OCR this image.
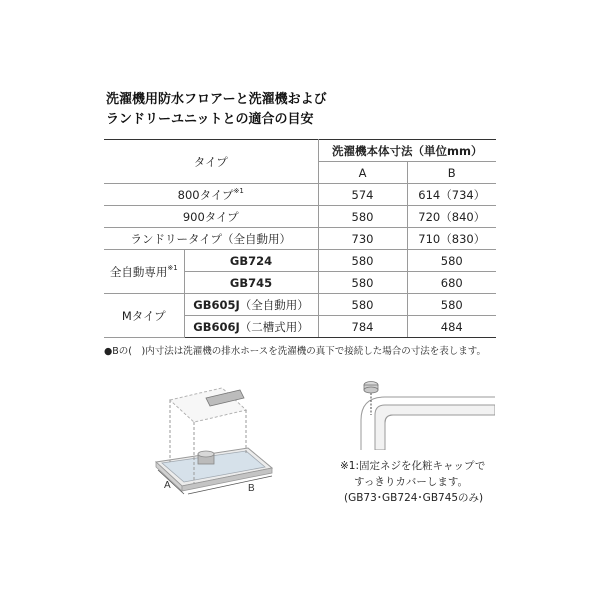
洗濯機用防水フロアーと洗濯機および
ランドリーユニットとの適合の目安
タイプ		洗濯機本体寸法（単位mm）	
		A	B
800タイプ$^{※1}$		574	614（734）
900タイプ		580	720（840）
ランドリータイプ（全自動用）		730	710（830）
全自動専用$^{※1}$	GB724	580	580
	GB745	580	680
Mタイプ	GB605J（全自動用）	580	580
	GB606J（二槽式用）	784	484
●Bの(　)内寸法は洗濯機の排水ホースを洗濯機の真下で接続した場合の寸法を表します。
A	B
※1:固定ネジを化粧キャップで
すっきりカバーします。
(GB73･GB724･GB745のみ)
